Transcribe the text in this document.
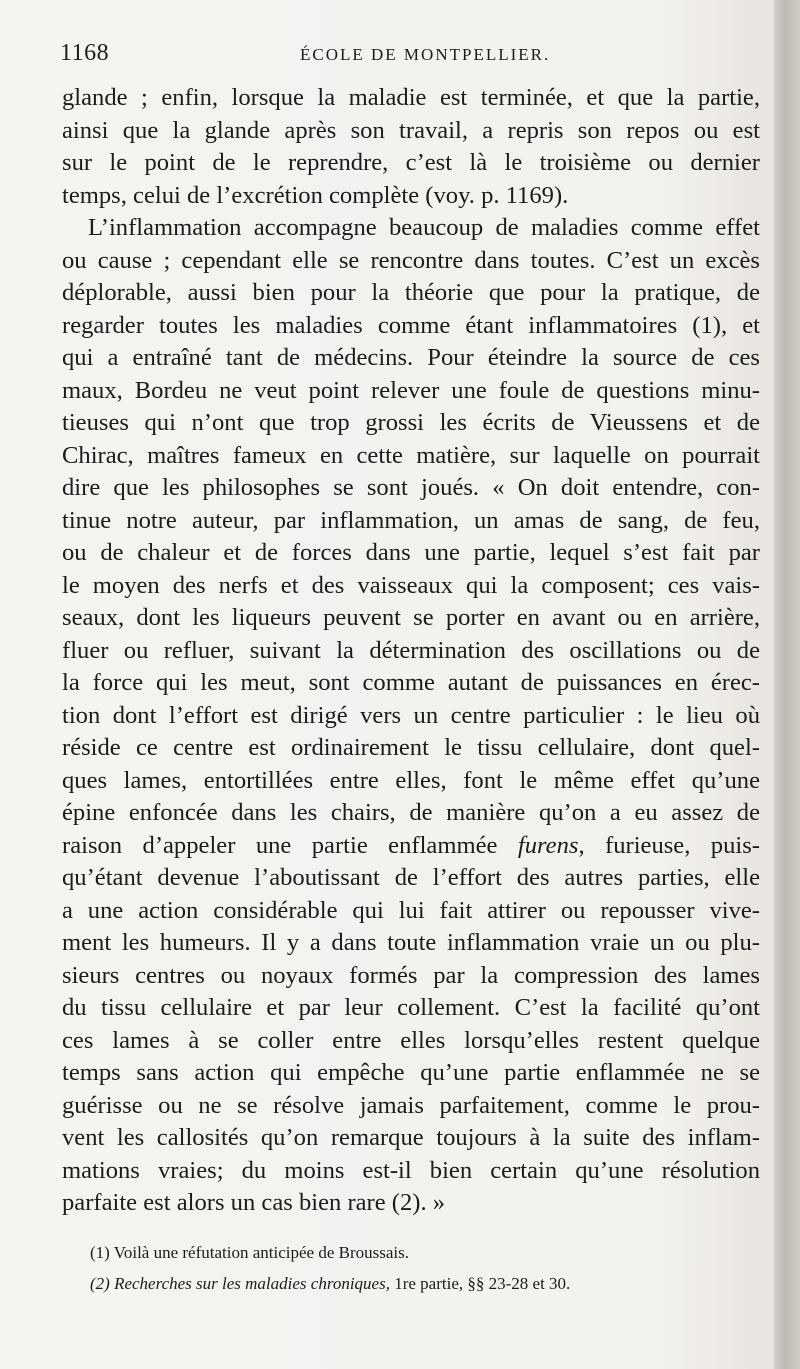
1168	ÉCOLE DE MONTPELLIER.
glande ; enfin, lorsque la maladie est terminée, et que la partie,
ainsi que la glande après son travail, a repris son repos ou est
sur le point de le reprendre, c’est là le troisième ou dernier
temps, celui de l’excrétion complète (voy. p. 1169).
L’inflammation accompagne beaucoup de maladies comme effet
ou cause ; cependant elle se rencontre dans toutes. C’est un excès
déplorable, aussi bien pour la théorie que pour la pratique, de
regarder toutes les maladies comme étant inflammatoires (1), et
qui a entraîné tant de médecins. Pour éteindre la source de ces
maux, Bordeu ne veut point relever une foule de questions minu-
tieuses qui n’ont que trop grossi les écrits de Vieussens et de
Chirac, maîtres fameux en cette matière, sur laquelle on pourrait
dire que les philosophes se sont joués. « On doit entendre, con-
tinue notre auteur, par inflammation, un amas de sang, de feu,
ou de chaleur et de forces dans une partie, lequel s’est fait par
le moyen des nerfs et des vaisseaux qui la composent; ces vais-
seaux, dont les liqueurs peuvent se porter en avant ou en arrière,
fluer ou refluer, suivant la détermination des oscillations ou de
la force qui les meut, sont comme autant de puissances en érec-
tion dont l’effort est dirigé vers un centre particulier : le lieu où
réside ce centre est ordinairement le tissu cellulaire, dont quel-
ques lames, entortillées entre elles, font le même effet qu’une
épine enfoncée dans les chairs, de manière qu’on a eu assez de
raison d’appeler une partie enflammée furens, furieuse, puis-
qu’étant devenue l’aboutissant de l’effort des autres parties, elle
a une action considérable qui lui fait attirer ou repousser vive-
ment les humeurs. Il y a dans toute inflammation vraie un ou plu-
sieurs centres ou noyaux formés par la compression des lames
du tissu cellulaire et par leur collement. C’est la facilité qu’ont
ces lames à se coller entre elles lorsqu’elles restent quelque
temps sans action qui empêche qu’une partie enflammée ne se
guérisse ou ne se résolve jamais parfaitement, comme le prou-
vent les callosités qu’on remarque toujours à la suite des inflam-
mations vraies; du moins est-il bien certain qu’une résolution
parfaite est alors un cas bien rare (2). »
(1) Voilà une réfutation anticipée de Broussais.
(2) Recherches sur les maladies chroniques, 1re partie, §§ 23-28 et 30.
